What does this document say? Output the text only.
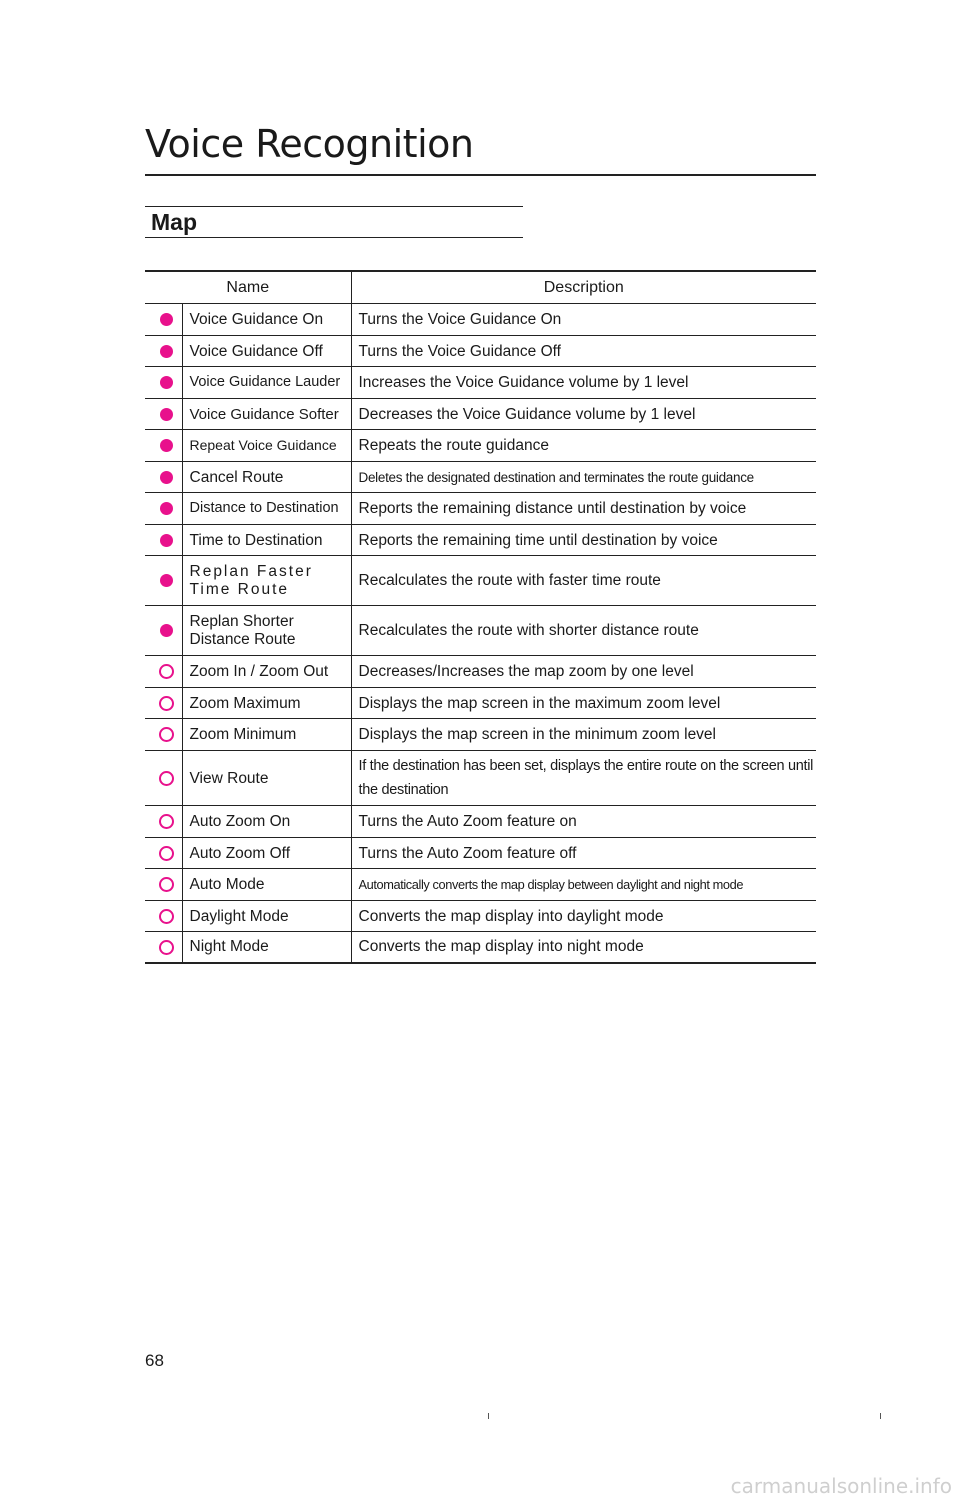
Voice Recognition
Map
Name		Description
	Voice Guidance On	Turns the Voice Guidance On
	Voice Guidance Off	Turns the Voice Guidance Off
	Voice Guidance Lauder	Increases the Voice Guidance volume by 1 level
	Voice Guidance Softer	Decreases the Voice Guidance volume by 1 level
	Repeat Voice Guidance	Repeats the route guidance
	Cancel Route	Deletes the designated destination and terminates the route guidance
	Distance to Destination	Reports the remaining distance until destination by voice
	Time to Destination	Reports the remaining time until destination by voice
	Replan Faster Time Route	Recalculates the route with faster time route
	Replan Shorter Distance Route	Recalculates the route with shorter distance route
	Zoom In / Zoom Out	Decreases/Increases the map zoom by one level
	Zoom Maximum	Displays the map screen in the maximum zoom level
	Zoom Minimum	Displays the map screen in the minimum zoom level
	View Route	If the destination has been set, displays the entire route on the screen until the destination
	Auto Zoom On	Turns the Auto Zoom feature on
	Auto Zoom Off	Turns the Auto Zoom feature off
	Auto Mode	Automatically converts the map display between daylight and night mode
	Daylight Mode	Converts the map display into daylight mode
	Night Mode	Converts the map display into night mode
68
carmanualsonline.info
